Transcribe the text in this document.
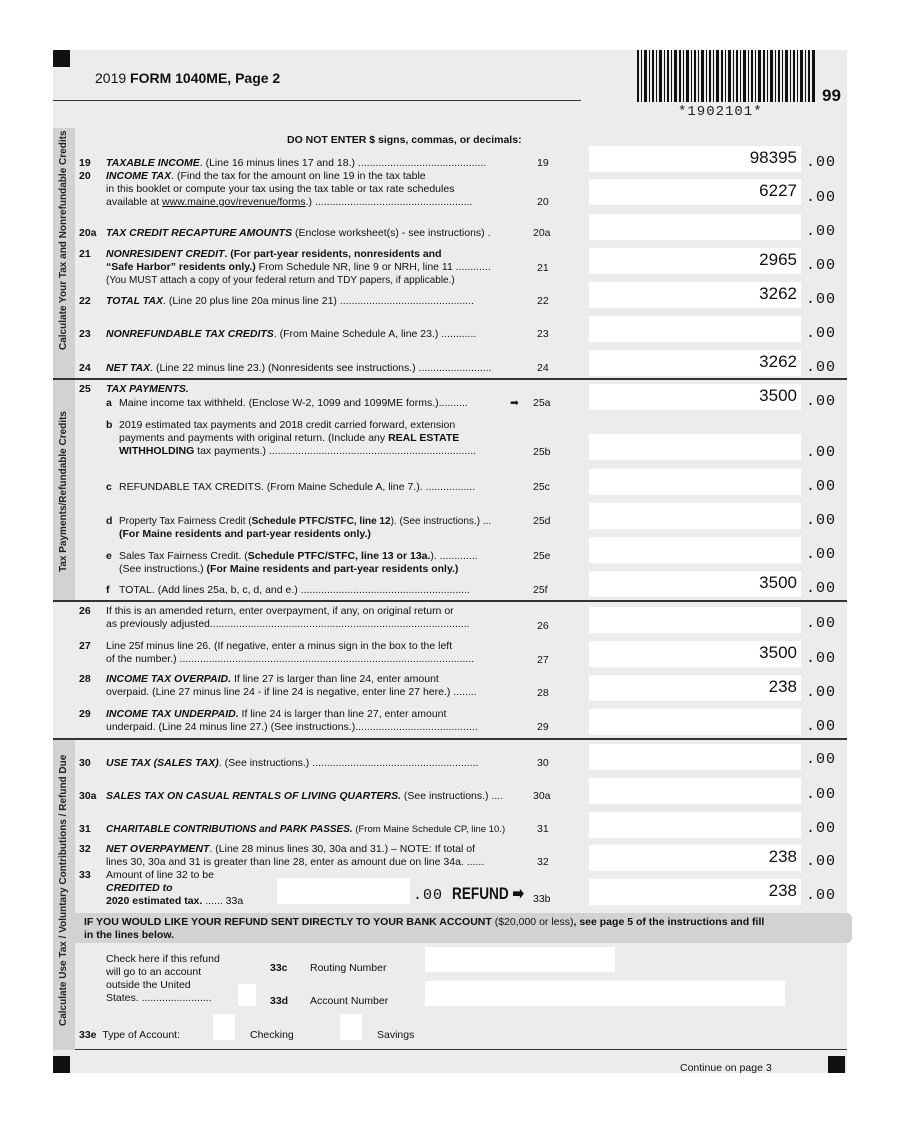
Calculate Your Tax and Nonrefundable Credits
Tax Payments/Refundable Credits
Calculate Use Tax / Voluntary Contributions / Refund Due
2019 FORM 1040ME, Page 2
*1902101*
99
DO NOT ENTER $ signs, commas, or decimals:
19 TAXABLE INCOME. (Line 16 minus lines 17 and 18.) ............................................	19	98395 .00
20 INCOME TAX. (Find the tax for the amount on line 19 in the tax table
in this booklet or compute your tax using the tax table or tax rate schedules
available at www.maine.gov/revenue/forms.) ......................................................	20
6227 .00
20a TAX CREDIT RECAPTURE AMOUNTS (Enclose worksheet(s) - see instructions) .	20a	.00
21 NONRESIDENT CREDIT. (For part-year residents, nonresidents and
“Safe Harbor” residents only.) From Schedule NR, line 9 or NRH, line 11 ............
(You MUST attach a copy of your federal return and TDY papers, if applicable.)
21	2965 .00
22 TOTAL TAX. (Line 20 plus line 20a minus line 21) ..............................................	22	3262 .00
23 NONREFUNDABLE TAX CREDITS. (From Maine Schedule A, line 23.) ............	23	.00
24 NET TAX. (Line 22 minus line 23.) (Nonresidents see instructions.) .........................	24	3262 .00
25 TAX PAYMENTS.
a Maine income tax withheld. (Enclose W-2, 1099 and 1099ME forms.)..........	➡ 25a	3500 .00
b 2019 estimated tax payments and 2018 credit carried forward, extension
payments and payments with original return. (Include any REAL ESTATE
WITHHOLDING tax payments.) .......................................................................	25b	.00
c REFUNDABLE TAX CREDITS. (From Maine Schedule A, line 7.). .................	25c	.00
d Property Tax Fairness Credit (Schedule PTFC/STFC, line 12). (See instructions.) ...
(For Maine residents and part-year residents only.)
25d	.00
e Sales Tax Fairness Credit. (Schedule PTFC/STFC, line 13 or 13a.). .............
(See instructions.) (For Maine residents and part-year residents only.)
25e	.00
f TOTAL. (Add lines 25a, b, c, d, and e.) ..........................................................	25f	3500 .00
26 If this is an amended return, enter overpayment, if any, on original return or
as previously adjusted.........................................................................................	26	.00
27 Line 25f minus line 26. (If negative, enter a minus sign in the box to the left
of the number.) .....................................................................................................	27	3500 .00
28 INCOME TAX OVERPAID. If line 27 is larger than line 24, enter amount
overpaid. (Line 27 minus line 24 - if line 24 is negative, enter line 27 here.) ........	28	238 .00
29 INCOME TAX UNDERPAID. If line 24 is larger than line 27, enter amount
underpaid. (Line 24 minus line 27.) (See instructions.)..........................................	29	.00
30 USE TAX (SALES TAX). (See instructions.) .........................................................	30	.00
30a SALES TAX ON CASUAL RENTALS OF LIVING QUARTERS. (See instructions.) ....	30a	.00
31 CHARITABLE CONTRIBUTIONS and PARK PASSES. (From Maine Schedule CP, line 10.)	31	.00
32 NET OVERPAYMENT. (Line 28 minus lines 30, 30a and 31.) – NOTE: If total of
lines 30, 30a and 31 is greater than line 28, enter as amount due on line 34a. ......	32	238 .00
33 Amount of line 32 to be
CREDITED to
2020 estimated tax. ...... 33a	.00 REFUND ➡ 33b	238 .00
IF YOU WOULD LIKE YOUR REFUND SENT DIRECTLY TO YOUR BANK ACCOUNT ($20,000 or less), see page 5 of the instructions and fill
in the lines below.
Check here if this refund
will go to an account
outside the United
States. ........................
33c Routing Number
33d Account Number
33e Type of Account:	Checking	Savings
Continue on page 3
